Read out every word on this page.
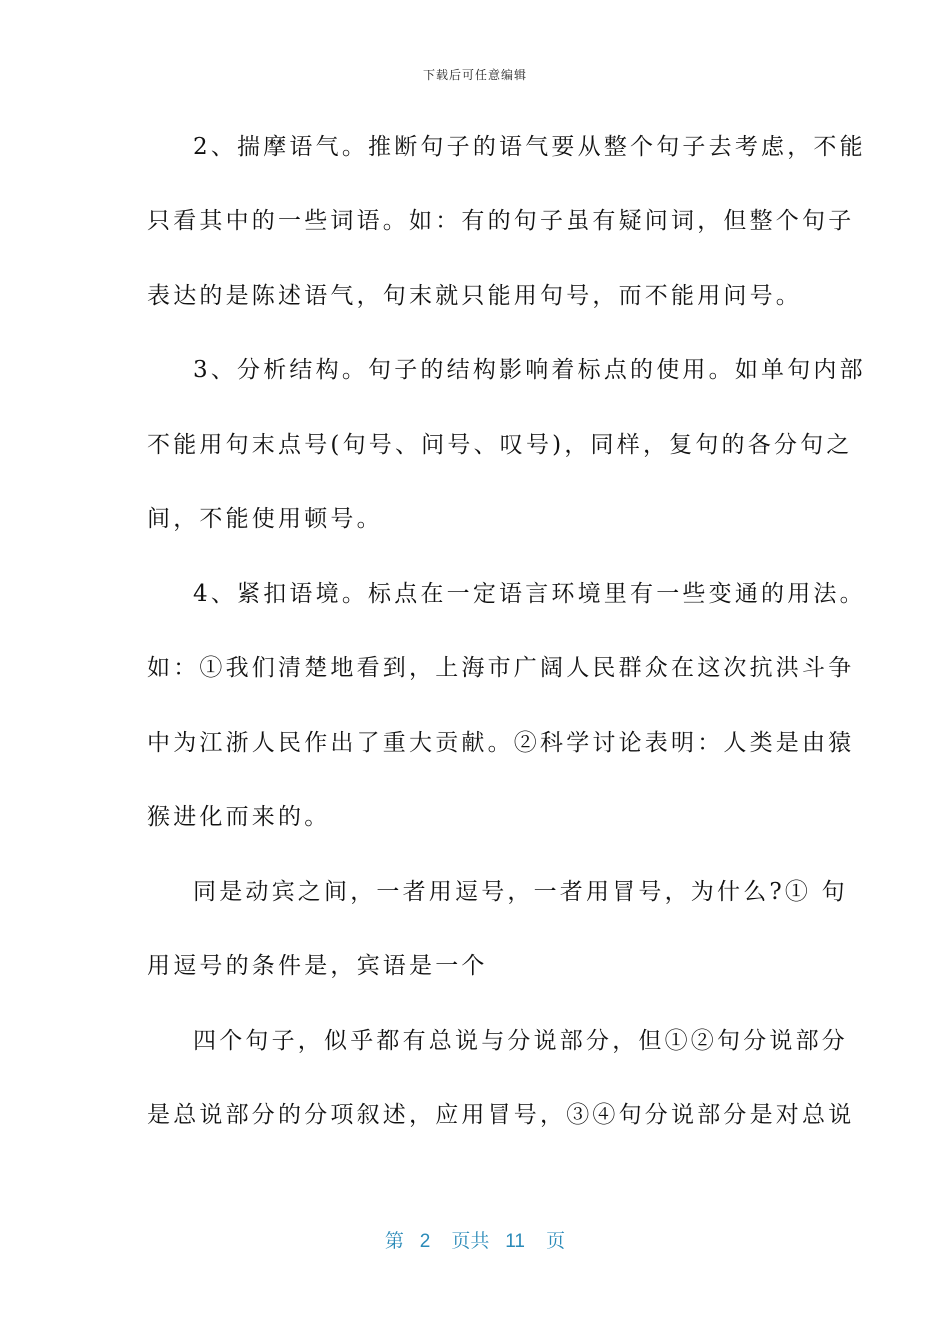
下载后可任意编辑
2、揣摩语气。推断句子的语气要从整个句子去考虑，不能
只看其中的一些词语。如：有的句子虽有疑问词，但整个句子
表达的是陈述语气，句末就只能用句号，而不能用问号。
3、分析结构。句子的结构影响着标点的使用。如单句内部
不能用句末点号(句号、问号、叹号)，同样，复句的各分句之
间，不能使用顿号。
4、紧扣语境。标点在一定语言环境里有一些变通的用法。
如：①我们清楚地看到，上海市广阔人民群众在这次抗洪斗争
中为江浙人民作出了重大贡献。②科学讨论表明：人类是由猿
猴进化而来的。
同是动宾之间，一者用逗号，一者用冒号，为什么?① 句
用逗号的条件是，宾语是一个
四个句子，似乎都有总说与分说部分，但①②句分说部分
是总说部分的分项叙述，应用冒号，③④句分说部分是对总说
第 2 页共 11 页
